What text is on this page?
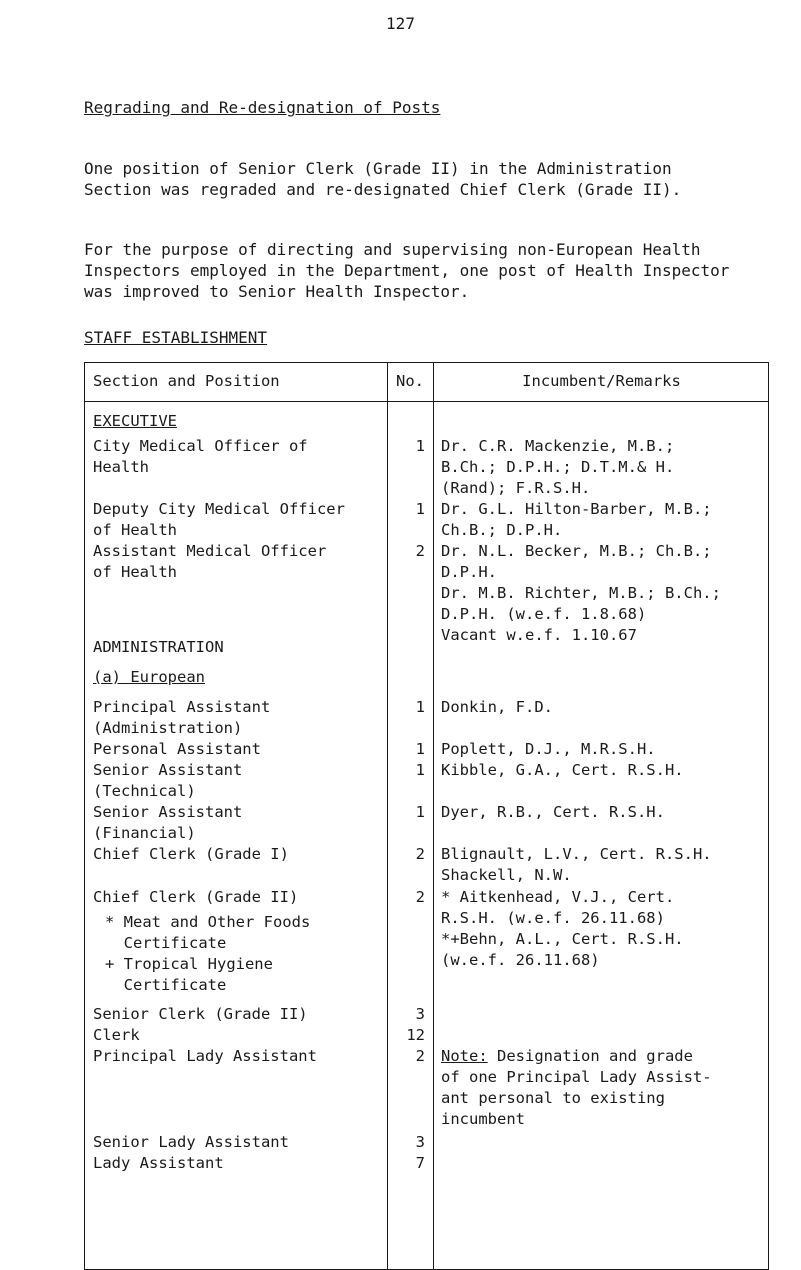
127
Regrading and Re-designation of Posts
One position of Senior Clerk (Grade II) in the Administration Section was regraded and re-designated Chief Clerk (Grade II).
For the purpose of directing and supervising non-European Health Inspectors employed in the Department, one post of Health Inspector was improved to Senior Health Inspector.
STAFF ESTABLISHMENT
Section and Position	No.	Incumbent/Remarks
EXECUTIVE
City Medical Officer of
Health
1 Dr. C.R. Mackenzie, M.B.;
B.Ch.; D.P.H.; D.T.M.& H.
(Rand); F.R.S.H.
Deputy City Medical Officer
of Health
1 Dr. G.L. Hilton-Barber, M.B.;
Ch.B.; D.P.H.
Assistant Medical Officer
of Health
2 Dr. N.L. Becker, M.B.; Ch.B.;
D.P.H.
Dr. M.B. Richter, M.B.; B.Ch.;
D.P.H. (w.e.f. 1.8.68)
Vacant w.e.f. 1.10.67
ADMINISTRATION
(a) European
Principal Assistant
(Administration)
1 Donkin, F.D.
Personal Assistant	1 Poplett, D.J., M.R.S.H.
Senior Assistant
(Technical)
1 Kibble, G.A., Cert. R.S.H.
Senior Assistant
(Financial)
1 Dyer, R.B., Cert. R.S.H.
Chief Clerk (Grade I)	2 Blignault, L.V., Cert. R.S.H.
Shackell, N.W.
Chief Clerk (Grade II)	2 * Aitkenhead, V.J., Cert.
R.S.H. (w.e.f. 26.11.68)
*+Behn, A.L., Cert. R.S.H.
(w.e.f. 26.11.68)
* Meat and Other Foods
Certificate
+ Tropical Hygiene
Certificate
Senior Clerk (Grade II)	3
Clerk	12
Principal Lady Assistant	2 Note: Designation and grade
of one Principal Lady Assist-
ant personal to existing
incumbent
Senior Lady Assistant	3
Lady Assistant	7
